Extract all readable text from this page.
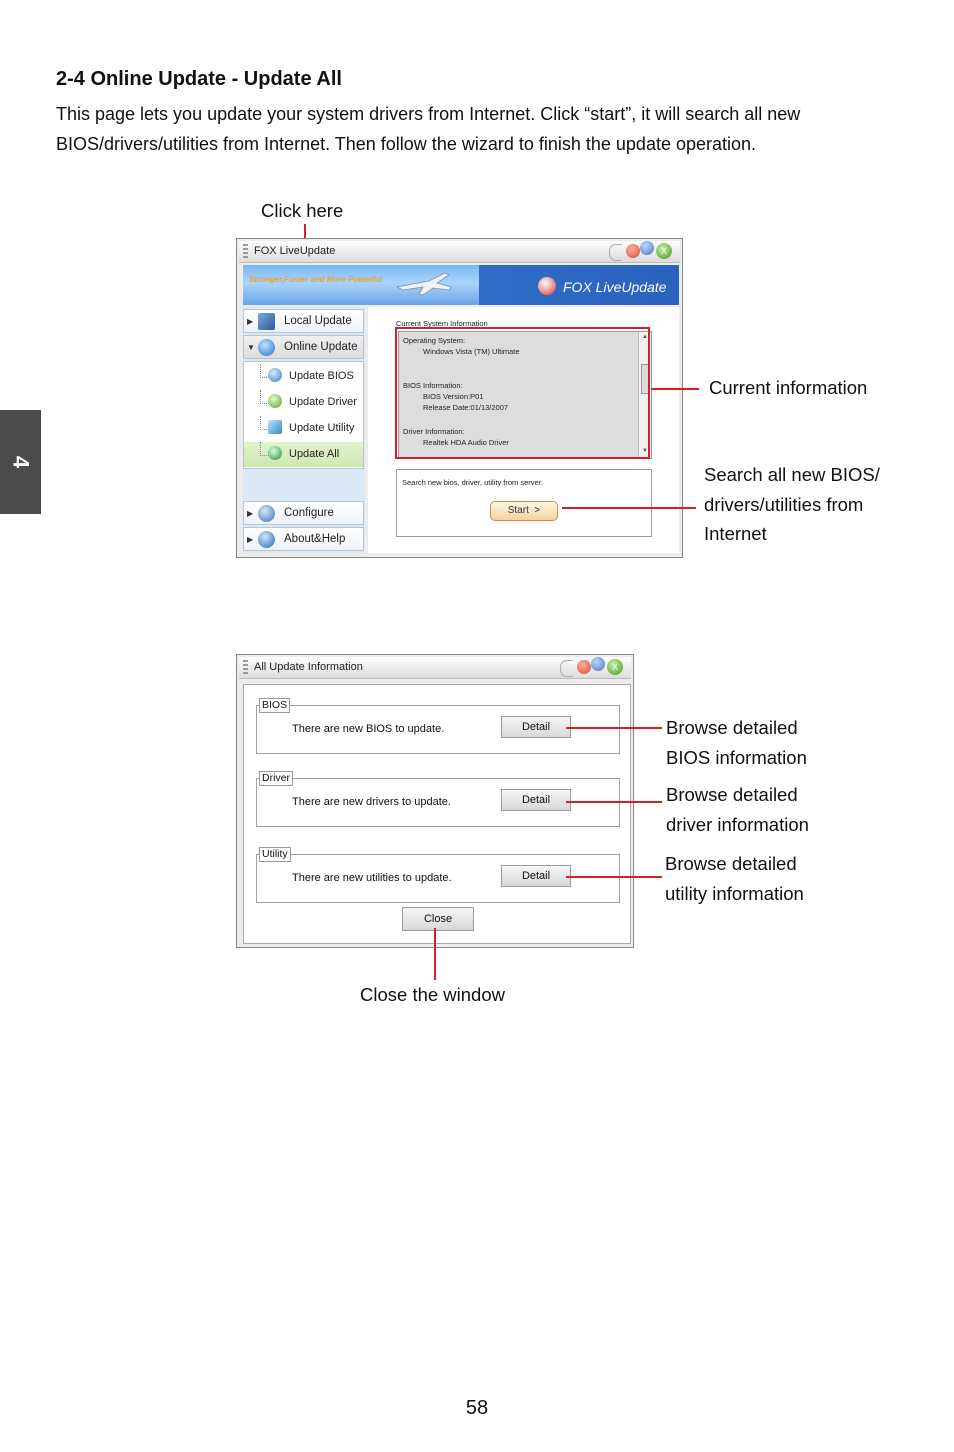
2-4 Online Update - Update All
This page lets you update your system drivers from Internet. Click “start”, it will search all new
BIOS/drivers/utilities from Internet. Then follow the wizard to finish the update operation.
4
Click here
FOX LiveUpdate	X
Stronger,Faster and More Powerful	FOX LiveUpdate
▶	Local Update
▼	Online Update
Update BIOS
Update Driver
Update Utility
Update All
▶	Configure
▶	About&Help
Current System Information
Operating System:
Windows Vista (TM) Ultimate
BIOS Information:
BIOS Version:P01
Release Date:01/13/2007
Driver Information:
Realtek HDA Audio Driver
▲
▼
Search new bios, driver, utility from server.
Start >
Current information
Search all new BIOS/
drivers/utilities from
Internet
All Update Information	X
BIOS
There are new BIOS to update.	Detail
Driver
There are new drivers to update.	Detail
Utility
There are new utilities to update.	Detail
Close
Browse detailed
BIOS information
Browse detailed
driver information
Browse detailed
utility information
Close the window
58
